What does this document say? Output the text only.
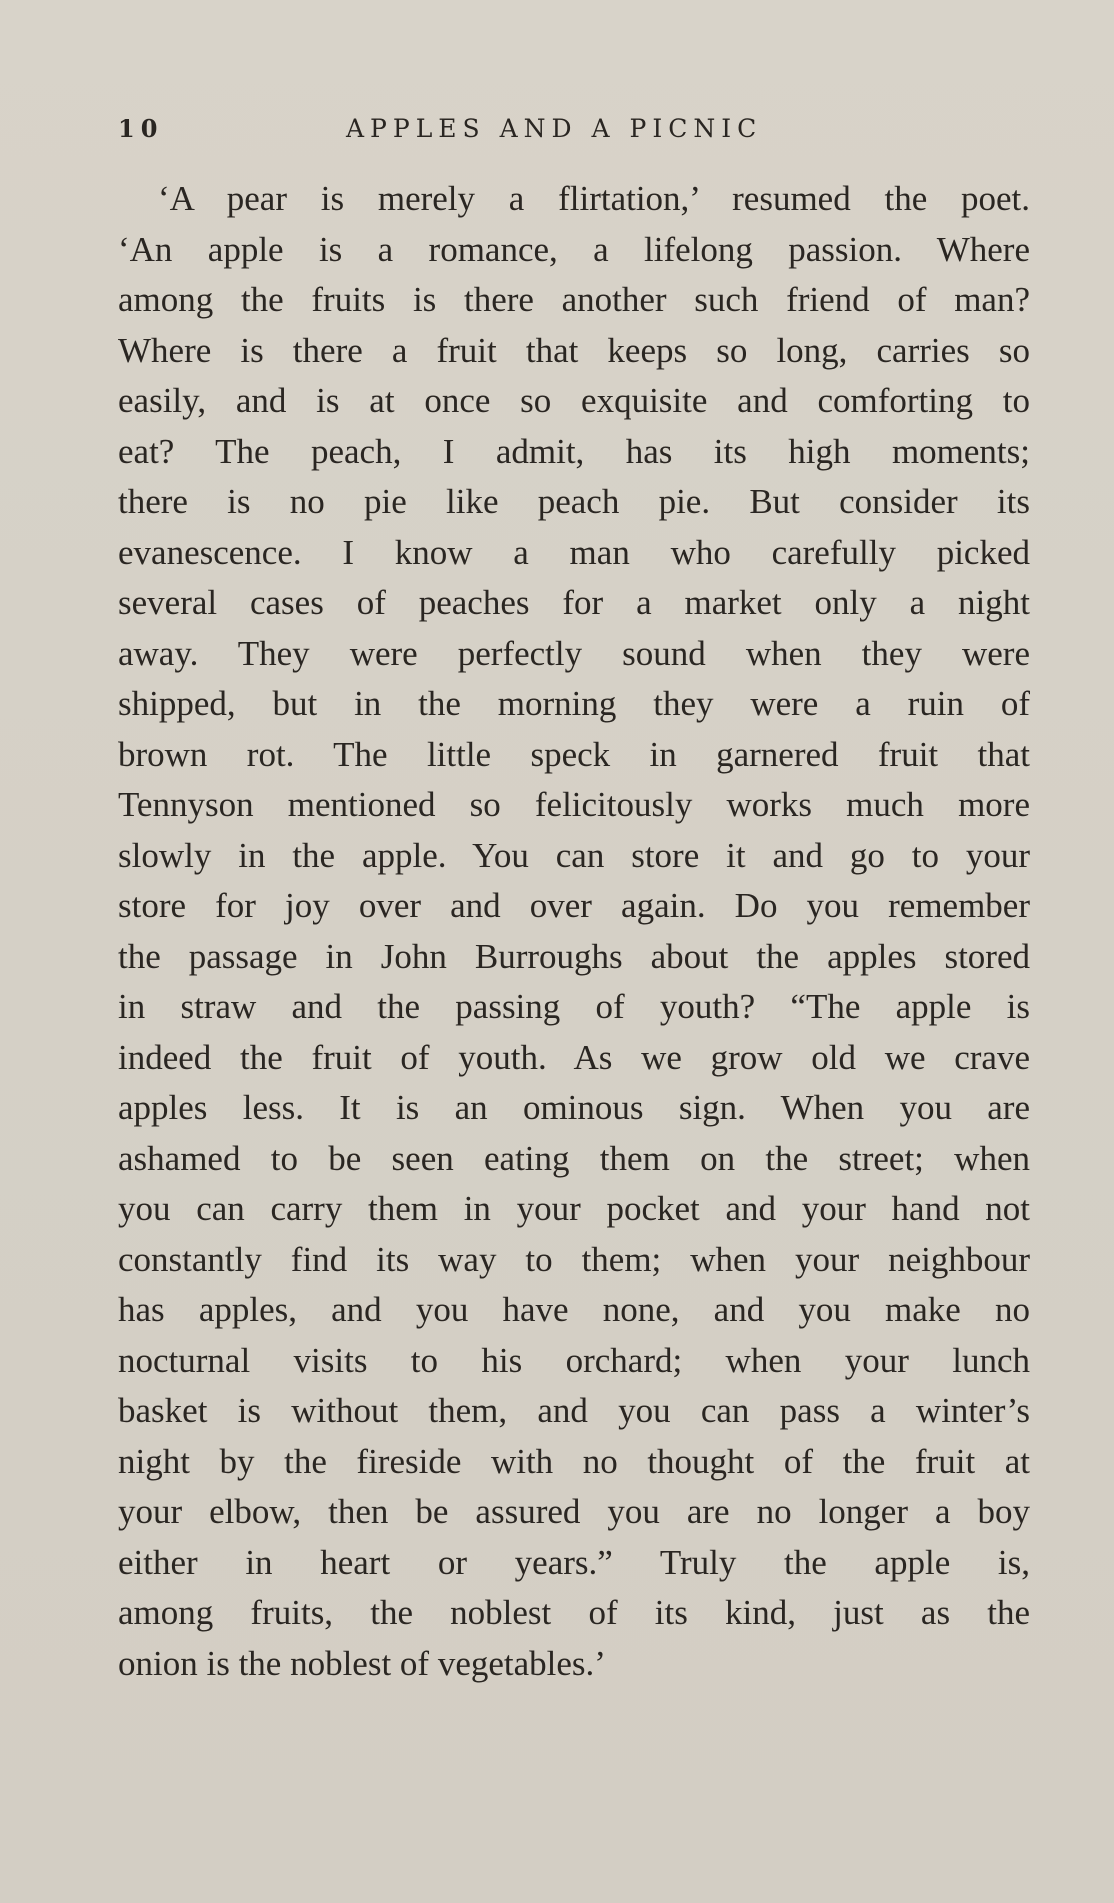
10	APPLES AND A PICNIC
‘A pear is merely a flirtation,’ resumed the poet.
‘An apple is a romance, a lifelong passion. Where
among the fruits is there another such friend of man?
Where is there a fruit that keeps so long, carries so
easily, and is at once so exquisite and comforting to
eat? The peach, I admit, has its high moments;
there is no pie like peach pie. But consider its
evanescence. I know a man who carefully picked
several cases of peaches for a market only a night
away. They were perfectly sound when they were
shipped, but in the morning they were a ruin of
brown rot. The little speck in garnered fruit that
Tennyson mentioned so felicitously works much more
slowly in the apple. You can store it and go to your
store for joy over and over again. Do you remember
the passage in John Burroughs about the apples stored
in straw and the passing of youth? “The apple is
indeed the fruit of youth. As we grow old we crave
apples less. It is an ominous sign. When you are
ashamed to be seen eating them on the street; when
you can carry them in your pocket and your hand not
constantly find its way to them; when your neighbour
has apples, and you have none, and you make no
nocturnal visits to his orchard; when your lunch
basket is without them, and you can pass a winter’s
night by the fireside with no thought of the fruit at
your elbow, then be assured you are no longer a boy
either in heart or years.” Truly the apple is,
among fruits, the noblest of its kind, just as the
onion is the noblest of vegetables.’
